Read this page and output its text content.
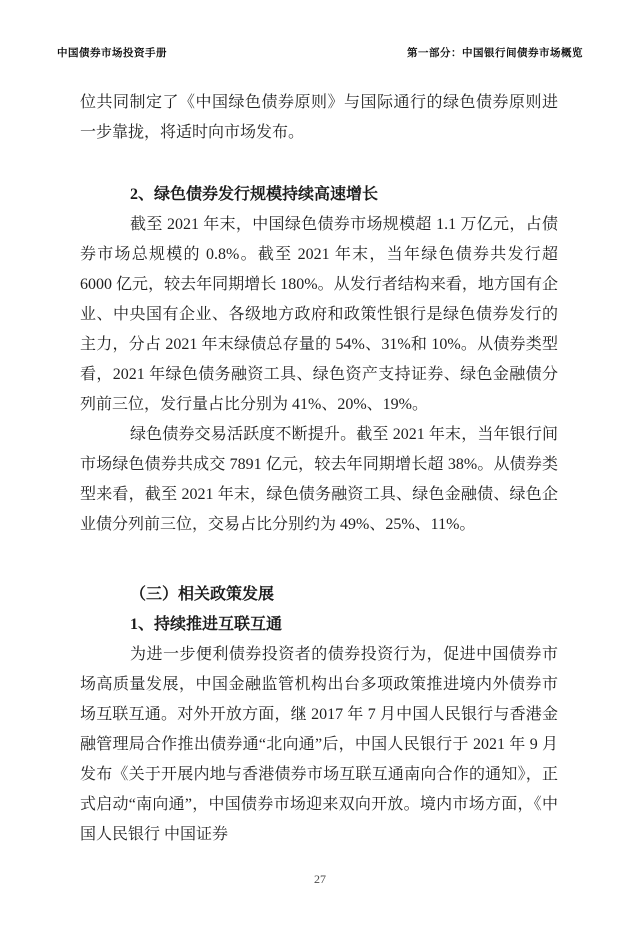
中国债券市场投资手册	第一部分：中国银行间债券市场概览

位共同制定了《中国绿色债券原则》与国际通行的绿色债券原则进一步靠拢，将适时向市场发布。

2、绿色债券发行规模持续高速增长

截至 2021 年末，中国绿色债券市场规模超 1.1 万亿元，占债券市场总规模的 0.8%。截至 2021 年末，当年绿色债券共发行超 6000 亿元，较去年同期增长 180%。从发行者结构来看，地方国有企业、中央国有企业、各级地方政府和政策性银行是绿色债券发行的主力，分占 2021 年末绿债总存量的 54%、31%和 10%。从债券类型看，2021 年绿色债务融资工具、绿色资产支持证券、绿色金融债分列前三位，发行量占比分别为 41%、20%、19%。

绿色债券交易活跃度不断提升。截至 2021 年末，当年银行间市场绿色债券共成交 7891 亿元，较去年同期增长超 38%。从债券类型来看，截至 2021 年末，绿色债务融资工具、绿色金融债、绿色企业债分列前三位，交易占比分别约为 49%、25%、11%。

（三）相关政策发展
1、持续推进互联互通

为进一步便利债券投资者的债券投资行为，促进中国债券市场高质量发展，中国金融监管机构出台多项政策推进境内外债券市场互联互通。对外开放方面，继 2017 年 7 月中国人民银行与香港金融管理局合作推出债券通“北向通”后，中国人民银行于 2021 年 9 月发布《关于开展内地与香港债券市场互联互通南向合作的通知》，正式启动“南向通”，中国债券市场迎来双向开放。境内市场方面，《中国人民银行 中国证券

27
